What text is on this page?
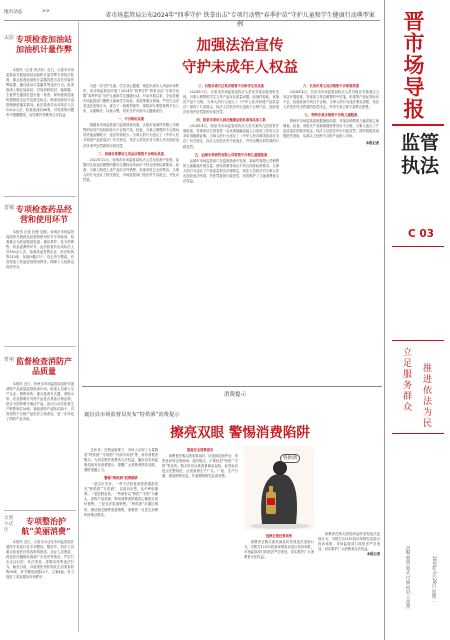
地市动态	>>
太原 专项检查加油站加油机计量作弊
本报讯（记者 晋法综）近日，太原市市场监管局开展加油站加油机计量作弊专项执法检查，重点检查加油机计量器具是否存在安装作弊装置、擅自改动计量器具等违法行为。检查组深入辖区加油站，对加油机铅封、编码器、主板等关键部位进行逐一检查，现场查看加油机强制检定证书及检定标志，核查加油站计量管理制度落实情况。此次检查共出动执法人员120余人次，检查加油站86家，对发现的问题责令限期整改，切实维护消费者合法权益。
晋城 专项检查药品经营和使用环节
本报讯 记者 杜俊 近期，晋城市市场监管局组织开展药品经营和使用环节专项检查。检查重点为药品购进渠道、储存养护、处方药销售、药品追溯等环节。此次检查共出动执法人员180余人次，检查药品零售企业、医疗机构等310家，发现问题27个，均已责令整改，有效规范了药品经营使用秩序，保障了人民群众用药安全。
忻州 监督检查消防产品质量
本报讯 近日，忻州市市场监管局组织开展消防产品质量监督检查行动。检查人员深入生产企业、销售场所，重点检查灭火器、消防水带、应急照明灯具等产品是否具备合格证明，是否为国家明令淘汰产品。此次行动共检查生产销售单位56家，抽检消防产品批次43个，对发现的不合格产品依法立案查处，进一步净化了消防产品市场。
太原小店区
专项整治护航“美丽消费”
本报讯 近日，太原市小店区市场监管局开展医疗美容行业专项整治。整治中，执法人员重点检查医疗美容机构资质、从业人员资质、药品医疗器械来源和广告发布等情况，严厉打击无证行医、非法美容、虚假宣传等违法行为。截至目前，共检查医美机构及生活美容机构98家，责令整改问题12个，立案4起，有力规范了美容服务市场秩序。
省市场监管局公布2024年“四季守护 铁拳出击”专项行动暨“春季护苗”守护儿童和学生健康行动典型案例
加强法治宣传
守护未成年人权益

为进一步守护儿童、学生身心健康，规范未成年人用品市场秩序，省市场监管局开展了2024年“四季守护 铁拳出击”专项行动暨“春季护苗”守护儿童和学生健康行动。行动开展以来，全省各级市场监管部门聚焦儿童和学生用品、食品等重点领域，严厉打击各类违法违规行为，查办了一批典型案件。现将部分典型案例予以公布，以案释法、以案示警，切实守护未成年人健康成长。

一、不合格玩具案

根据省市场监管部门监督抽查结果，太原市某商贸有限公司销售的玩具产品经检验为不合格产品。经查，当事人销售的不合格玩具货值金额较小，违法所得较少。当事人的行为违反了《中华人民共和国产品质量法》有关规定，执法人员依法对当事人作出没收违法所得并处罚款的行政处罚。

二、晋城市某婴幼儿用品店销售不合格玩具案

2023年12月，晋城市市场监管局执法人员在检查中发现，某婴幼儿用品店销售的婴幼儿塑料玩具标识不符合国家标准要求。经查，当事人购进上述产品后对外销售，至案发时已全部售出。当事人的行为违反了相关规定，市场监管部门依法责令其改正，并处以罚款。

三、吕梁市离石区某店销售不合格学生用品案

2024年3月，吕梁市市场监管局执法人员在对某店检查时发现，当事人销售的学生文具产品存在质量问题。经抽样检验，该批次产品不合格。当事人的行为违反了《中华人民共和国产品质量法》第四十九条规定，执法人员依法作出没收不合格产品、没收违法所得并处罚款的行政处罚。

四、阳泉市某幼儿园无健康证明从事食品加工案

2024年4月，阳泉市市场监管局执法人员对某幼儿园食堂开展检查，发现该幼儿园食堂一名从事接触直接入口食品工作的人员未取得健康证明。当事人的行为违反了《中华人民共和国食品安全法》有关规定，执法人员依法责令其改正，并作出警告和罚款的行政处罚。

五、运城市某商贸有限公司销售不合格儿童服装案

运城市市场监管部门在监督抽查中发现，某商贸有限公司销售的儿童服装纤维含量、使用说明等项目不符合国家标准要求。当事人的行为违反了产品质量相关法律规定，执法人员依法对当事人作出没收违法所得、并处罚款的行政处罚，有效维护了儿童消费者合法权益。

六、长治市某文具店销售不合格笔类案

2024年4月，长治市市场监管局执法人员对辖区学校周边文具店开展检查，发现某文具店销售的中性笔、铅笔等产品标签标识不全，经检验部分项目不合格。当事人的行为违法事实清楚，执法人员依法作出罚款的处罚决定，并责令其立即下架停止销售。

七、朔州市某店销售不合格儿童鞋案

朔州市市场监管局根据抽检结果，对某店销售的儿童皮鞋立案调查。经查，该批次产品剥离强度等项目不合格，当事人违反了产品质量法的相关规定，执法人员依法作出行政处罚，同时督促其加强进货查验，从源头上杜绝不合格产品流入市场。

本报记者
消费提示
襄汾县市场监督局发布“特供酒”消费提示
擦亮双眼 警惕消费陷阱
特供酒

近年来，在利益驱使下，市场上出现了大量假冒“特供酒”“专供酒”“内部专用酒”等，误导消费者购买。为切实维护消费者合法权益，襄汾县市场监督局现发布消费提示，提醒广大消费者擦亮双眼，谨防受骗上当。

警惕“特供酒”消费陷阱

一是以次充好。一些不法经营者将普通酒冒充“特供酒”“专供酒”，以高价出售，从中牟取暴利。二是虚假宣传。一些商家以“特供”“专供”为噱头，虚构产品来源，利用消费者的猎奇心理进行高价销售。三是非法渠道销售。“特供酒”多通过网络、微信朋友圈等渠道销售，消费者一旦发生消费纠纷难以维权。

提高安全消费意识

消费者在购买酒类商品时，应选择证照齐全、信誉良好的正规商场、超市购买，不要轻信“特供”“专供”等宣传。购买时应认真查看商品包装、标签标识是否完整规范，注意查看生产厂名、厂址、生产日期、保质期等信息，并索要购物凭证或发票。

选择正规经营场所

消费者在购买酒类商品时发现违法违规行为，可拨打12315投诉举报电话进行投诉举报，市场监管部门将依法严厉查处，切实维护广大消费者合法权益。

消费者在购买酒类商品时发现违法违规行为，可拨打12315投诉举报电话进行投诉举报，市场监管部门将依法严厉查处，切实维护广大消费者合法权益。

本报记者
晋市场导报
监管执法
C 03
立足服务群众 推进依法为民
2024年5月28日 星期二
责编 郭明 版式 付丽 校对 王茜茜
